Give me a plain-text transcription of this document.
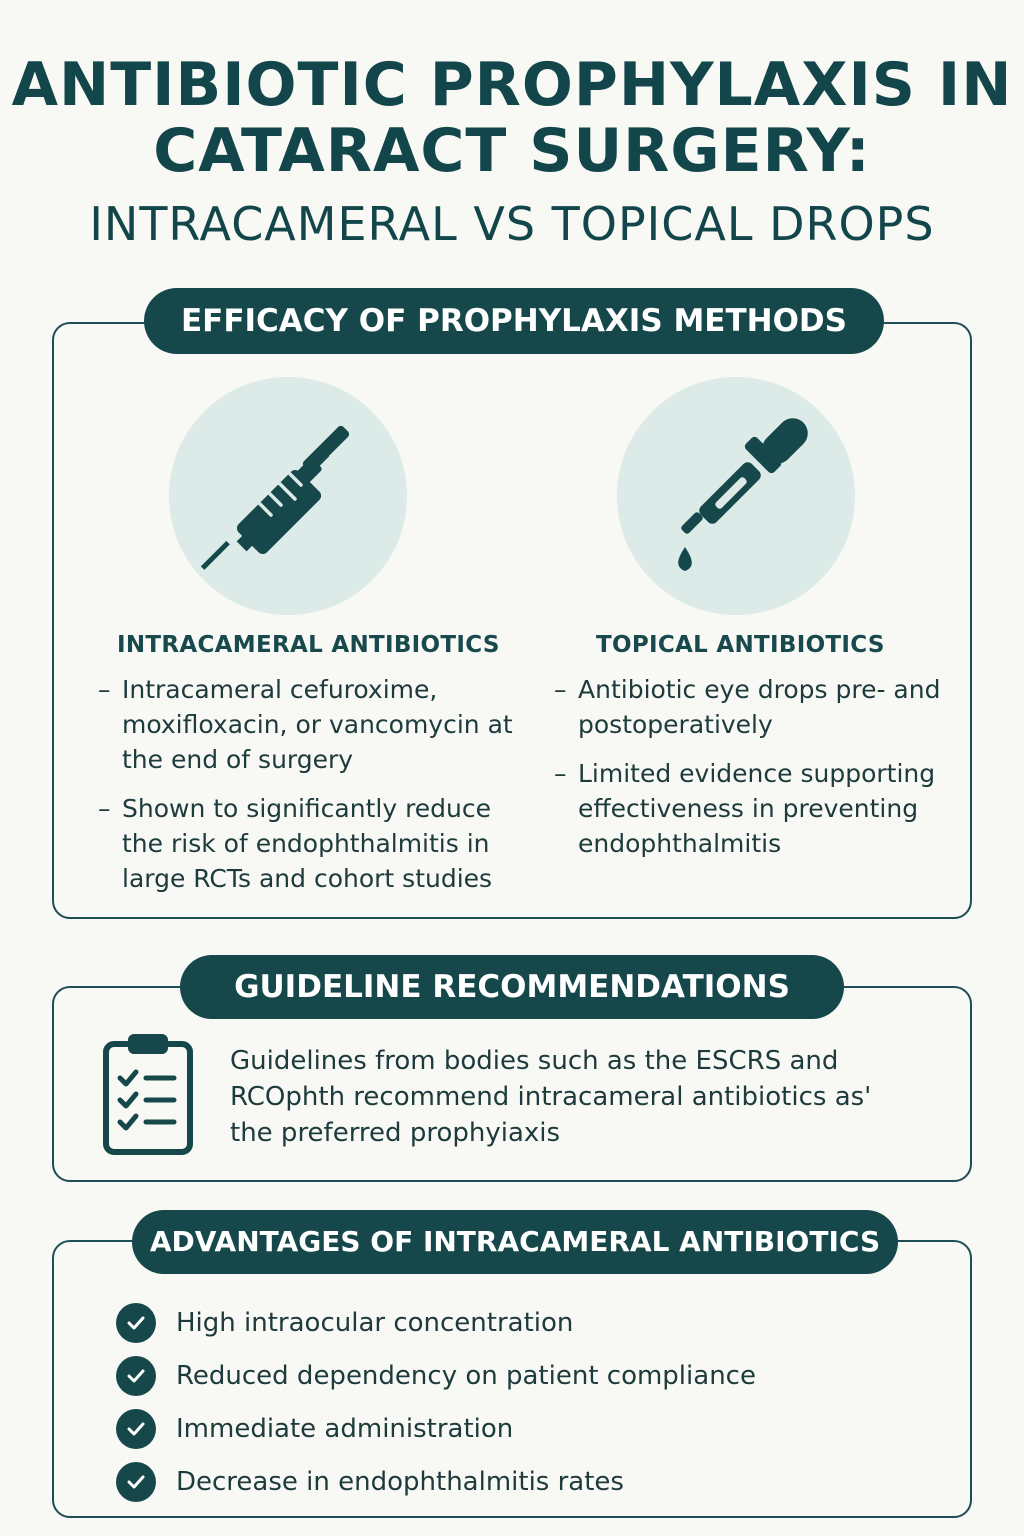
ANTIBIOTIC PROPHYLAXIS IN
CATARACT SURGERY:
INTRACAMERAL VS TOPICAL DROPS
EFFICACY OF PROPHYLAXIS METHODS
INTRACAMERAL ANTIBIOTICS	TOPICAL ANTIBIOTICS
– Intracameral cefuroxime, moxifloxacin, or vancomycin at the end of surgery
– Shown to significantly reduce the risk of endophthalmitis in large RCTs and cohort studies
– Antibiotic eye drops pre- and postoperatively
– Limited evidence supporting effectiveness in preventing endophthalmitis
GUIDELINE RECOMMENDATIONS
Guidelines from bodies such as the ESCRS and RCOphth recommend intracameral antibiotics as' the preferred prophyiaxis
ADVANTAGES OF INTRACAMERAL ANTIBIOTICS
High intraocular concentration
Reduced dependency on patient compliance
Immediate administration
Decrease in endophthalmitis rates
